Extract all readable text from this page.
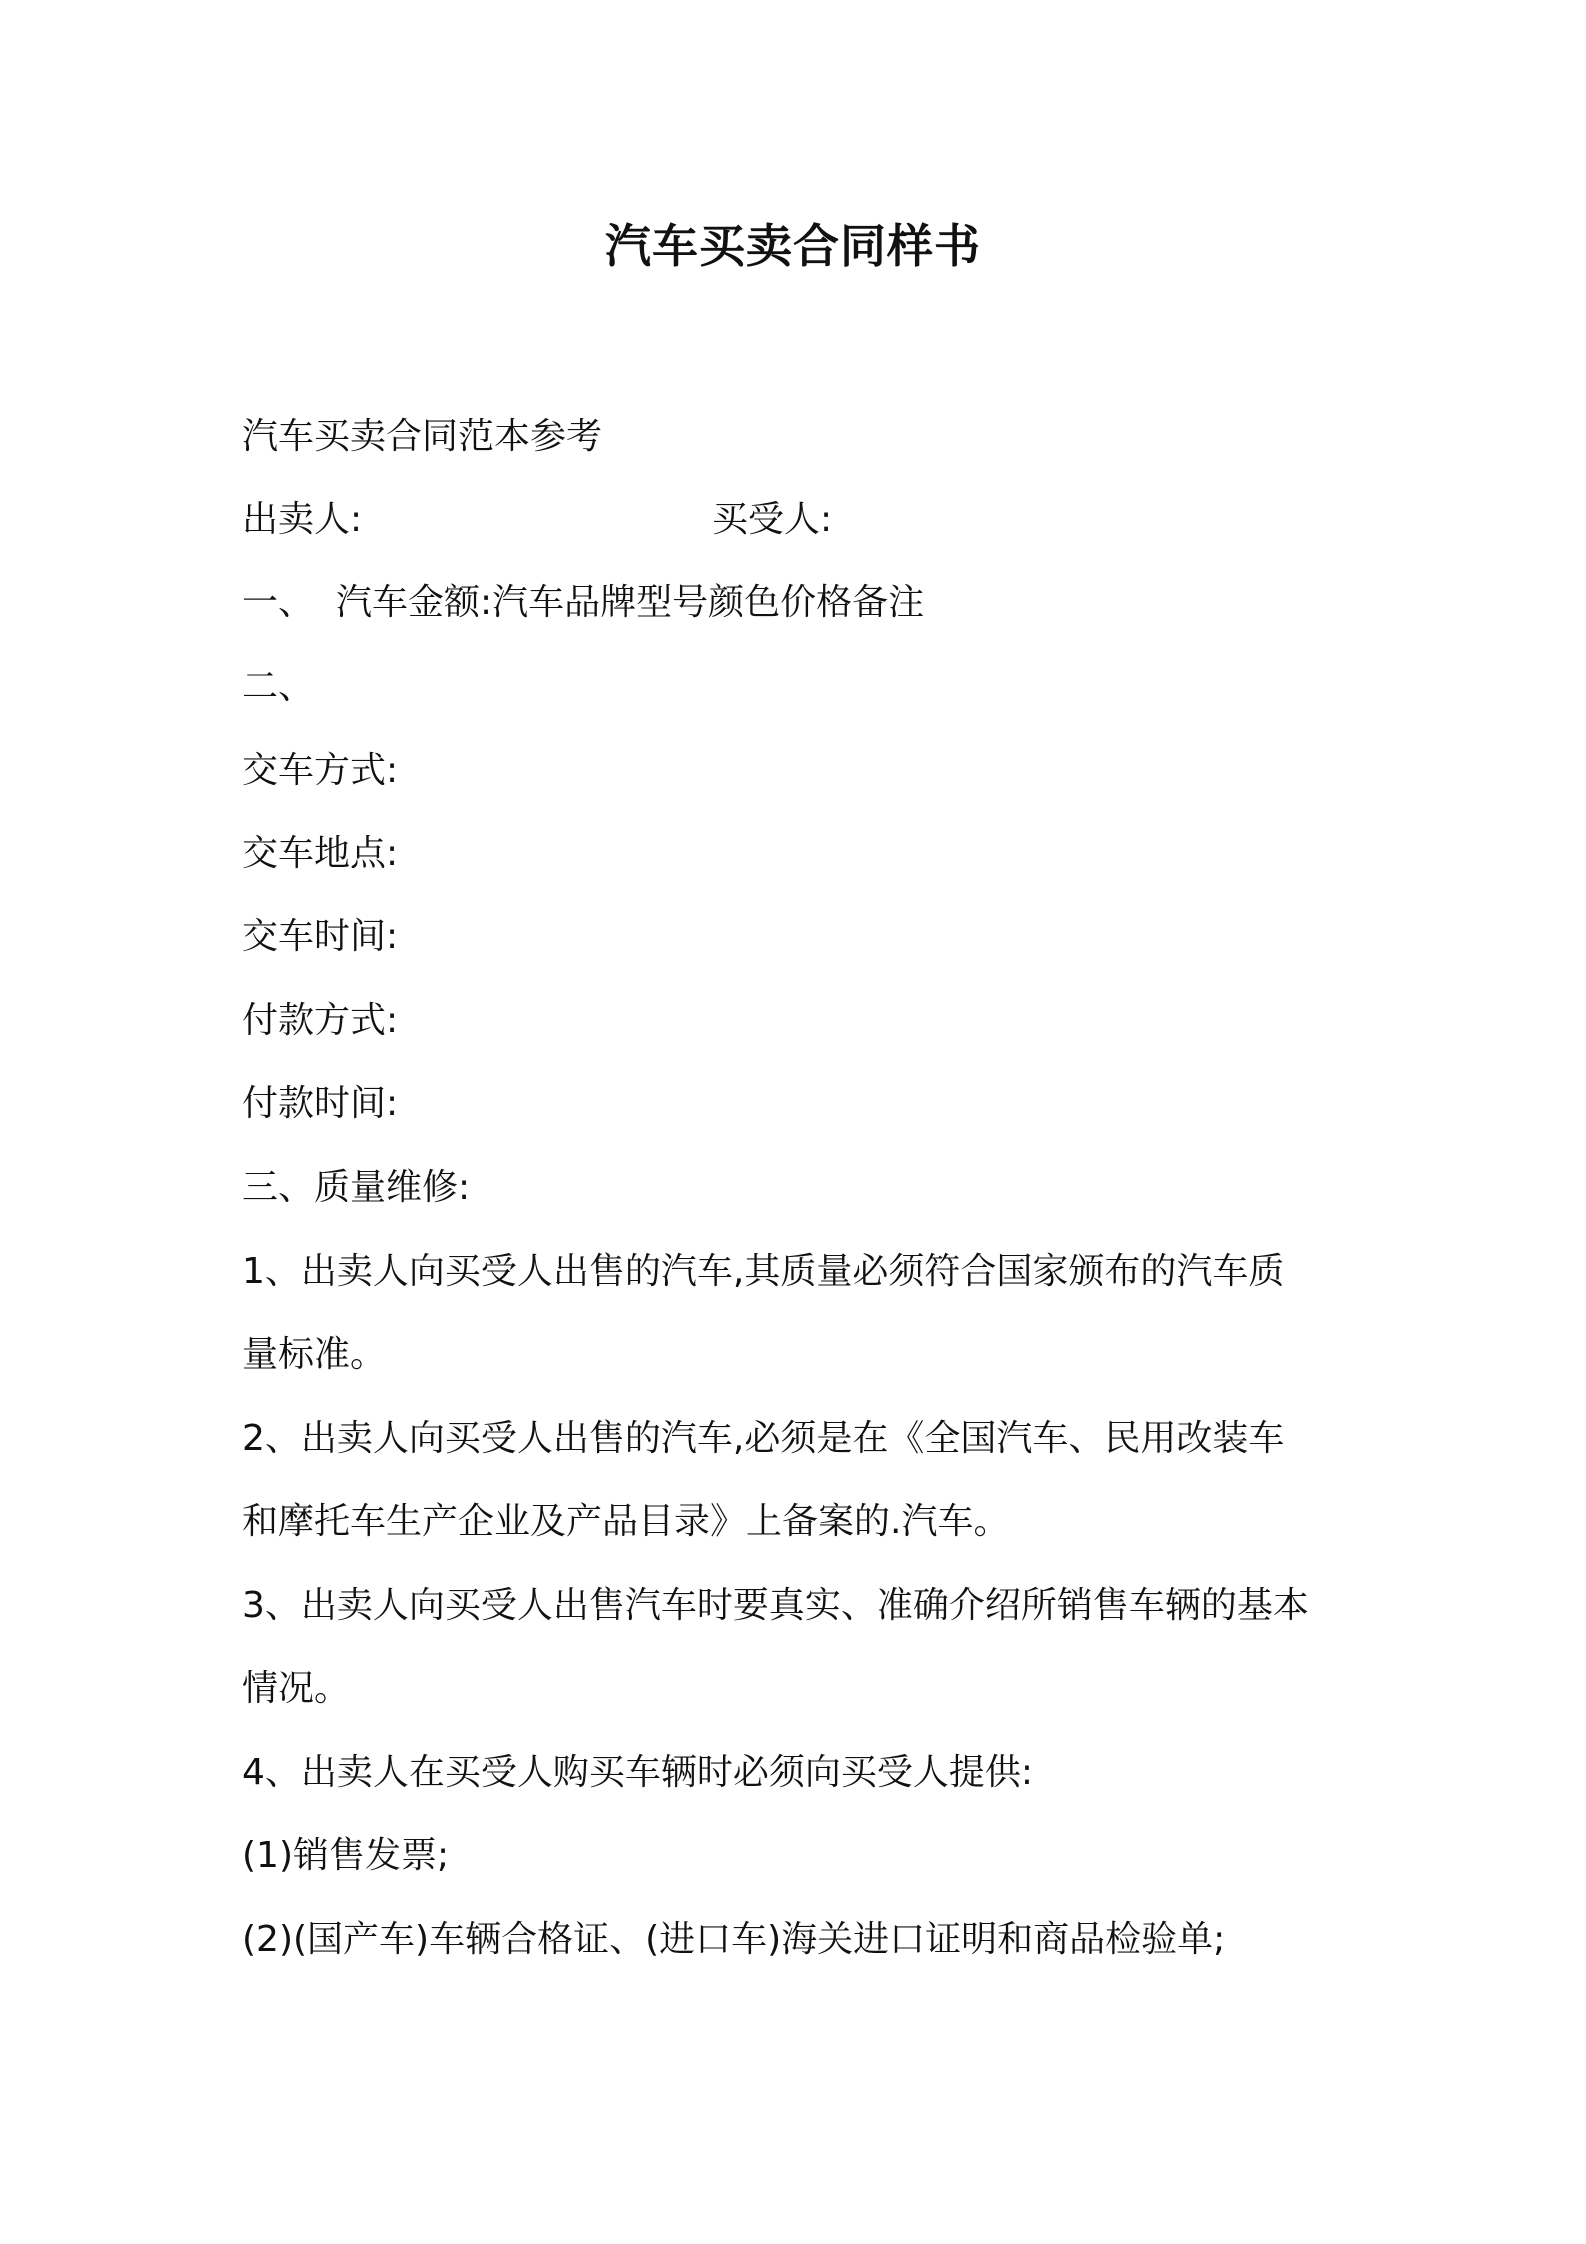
汽车买卖合同样书
汽车买卖合同范本参考
出卖人:	买受人:
一、 汽车金额:汽车品牌型号颜色价格备注
二、
交车方式:
交车地点:
交车时间:
付款方式:
付款时间:
三、质量维修:
1、出卖人向买受人出售的汽车,其质量必须符合国家颁布的汽车质
量标准。
2、出卖人向买受人出售的汽车,必须是在《全国汽车、民用改装车
和摩托车生产企业及产品目录》上备案的.汽车。
3、出卖人向买受人出售汽车时要真实、准确介绍所销售车辆的基本
情况。
4、出卖人在买受人购买车辆时必须向买受人提供:
(1)销售发票;
(2)(国产车)车辆合格证、(进口车)海关进口证明和商品检验单;
